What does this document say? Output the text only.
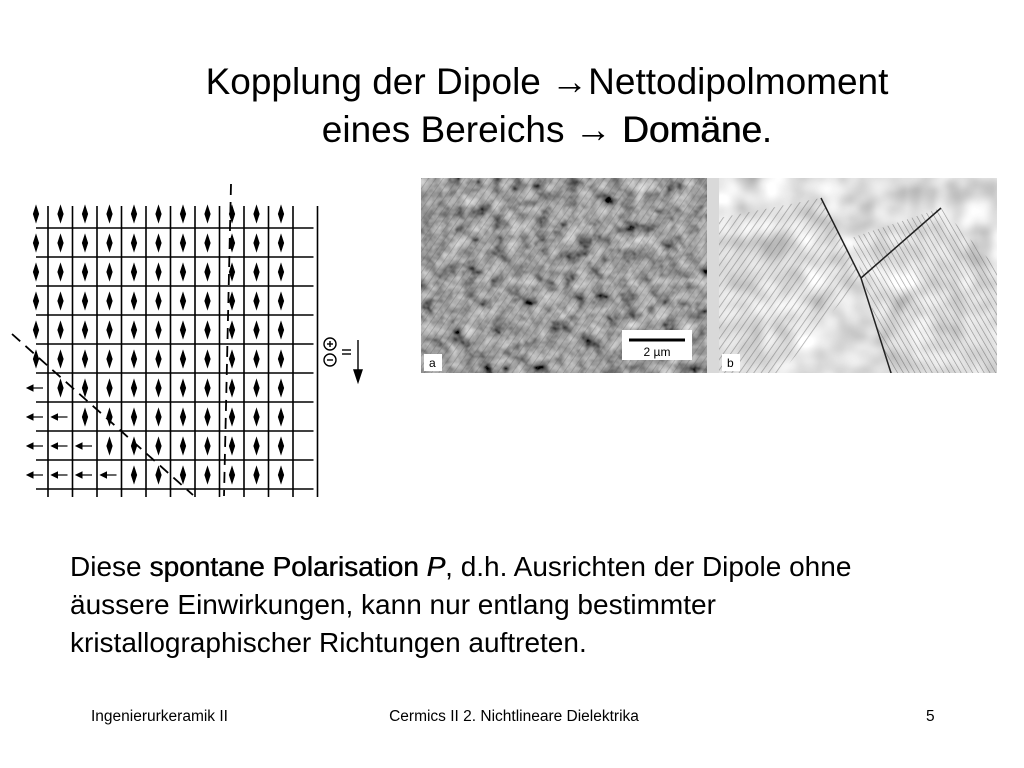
Kopplung der Dipole →Nettodipolmoment
eines Bereichs → Domäne.
a
2 µm
b
Diese spontane Polarisation P, d.h. Ausrichten der Dipole ohne
äussere Einwirkungen, kann nur entlang bestimmter
kristallographischer Richtungen auftreten.
Ingenierurkeramik II	Cermics II 2. Nichtlineare Dielektrika	5
